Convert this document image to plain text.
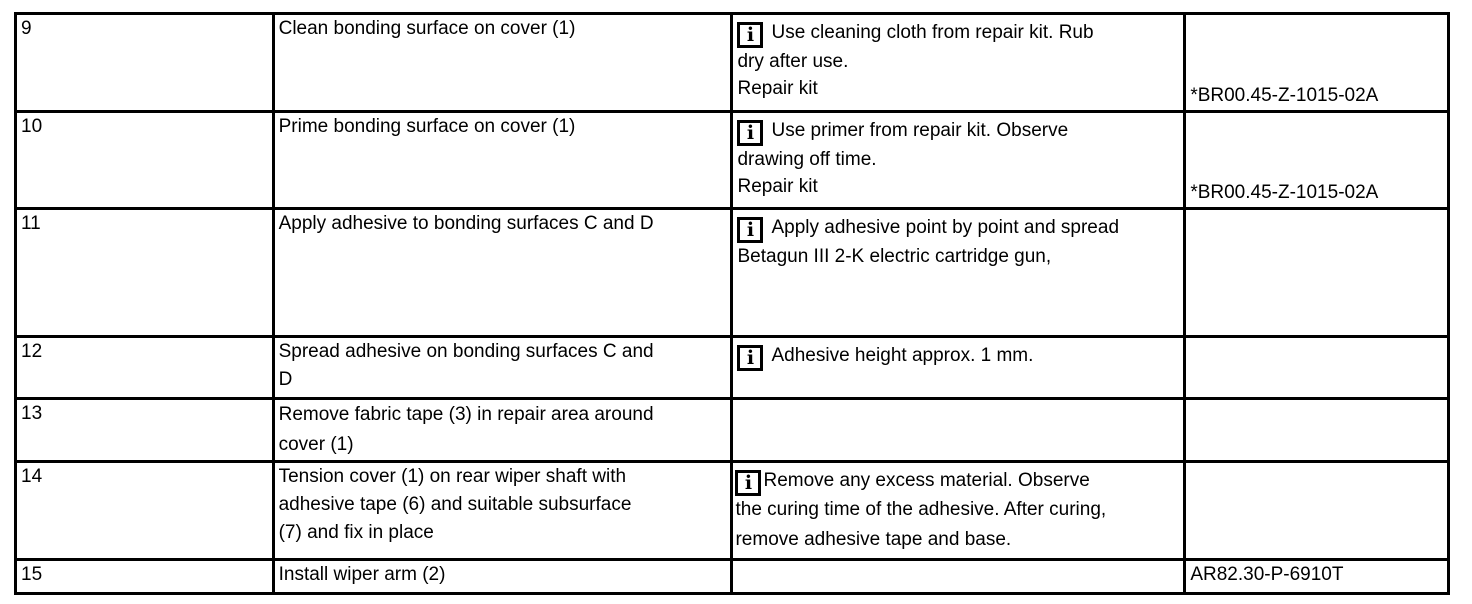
9	Clean bonding surface on cover (1)	i Use cleaning cloth from repair kit. Rub
dry after use.
Repair kit	*BR00.45-Z-1015-02A

10	Prime bonding surface on cover (1)	i Use primer from repair kit. Observe
drawing off time.
Repair kit	*BR00.45-Z-1015-02A

11	Apply adhesive to bonding surfaces C and D	i Apply adhesive point by point and spread
Betagun III 2-K electric cartridge gun,	

12	Spread adhesive on bonding surfaces C and
D	i Adhesive height approx. 1 mm.	

13	Remove fabric tape (3) in repair area around
cover (1)		

14	Tension cover (1) on rear wiper shaft with
adhesive tape (6) and suitable subsurface
(7) and fix in place	i Remove any excess material. Observe
the curing time of the adhesive. After curing,
remove adhesive tape and base.	

15	Install wiper arm (2)		AR82.30-P-6910T
